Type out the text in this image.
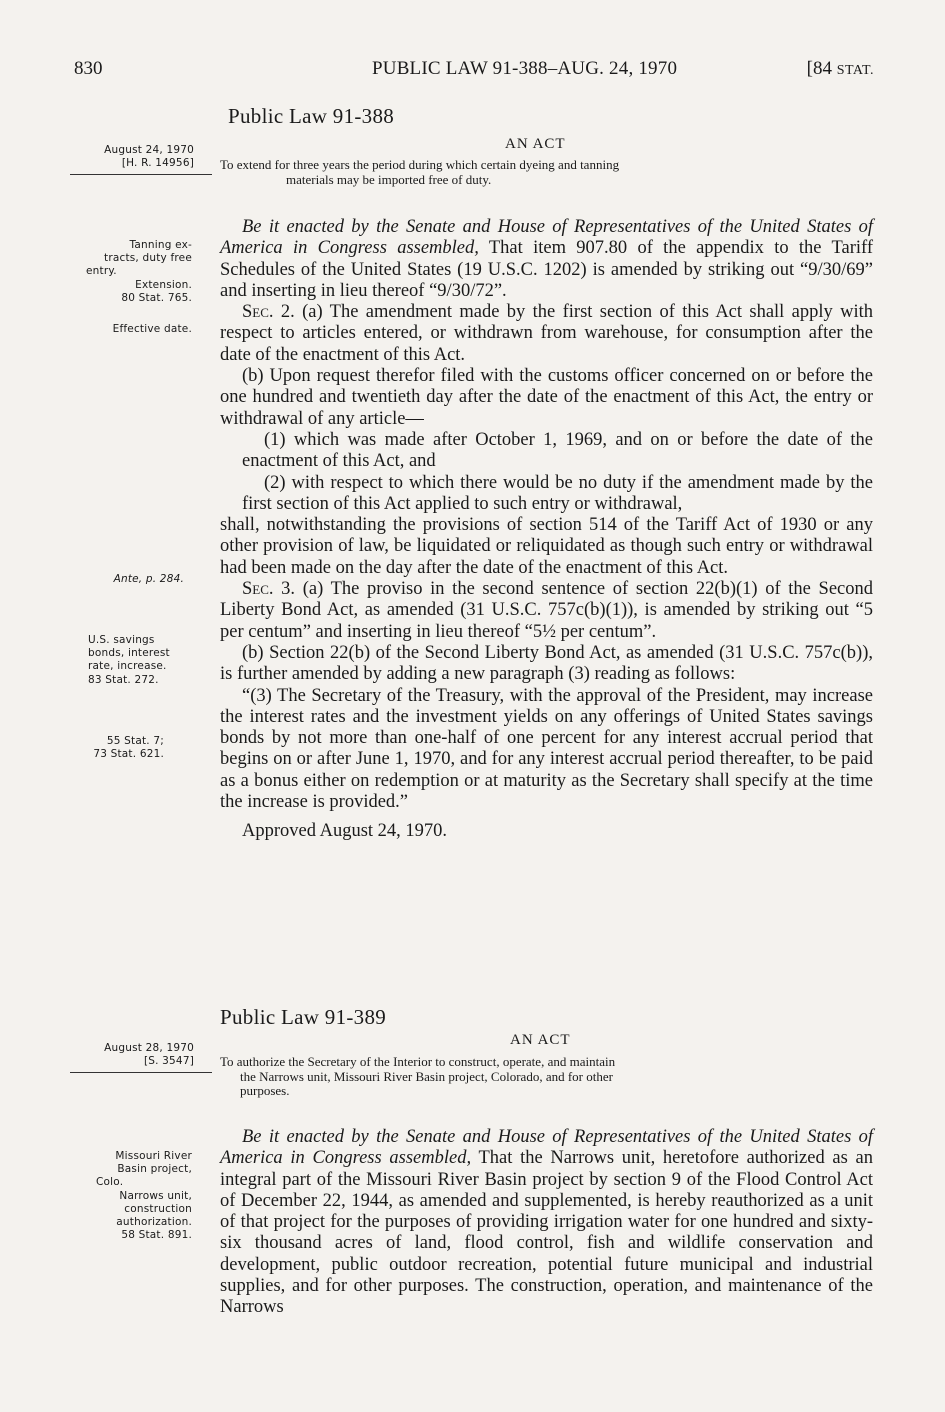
830	PUBLIC LAW 91-388–AUG. 24, 1970	[84 STAT.
Public Law 91-388
AN ACT
August 24, 1970
[H. R. 14956] To extend for three years the period during which certain dyeing and tanning
materials may be imported free of duty.
Tanning ex-
tracts, duty free
entry.
Extension.
80 Stat. 765.
Effective date.
Ante, p. 284.
U.S. savings
bonds, interest
rate, increase.
83 Stat. 272.
55 Stat. 7;
73 Stat. 621.

Be it enacted by the Senate and House of Representatives of the United States of America in Congress assembled, That item 907.80 of the appendix to the Tariff Schedules of the United States (19 U.S.C. 1202) is amended by striking out “9/30/69” and inserting in lieu thereof “9/30/72”.

Sec. 2. (a) The amendment made by the first section of this Act shall apply with respect to articles entered, or withdrawn from warehouse, for consumption after the date of the enactment of this Act.

(b) Upon request therefor filed with the customs officer concerned on or before the one hundred and twentieth day after the date of the enactment of this Act, the entry or withdrawal of any article—

(1) which was made after October 1, 1969, and on or before the date of the enactment of this Act, and

(2) with respect to which there would be no duty if the amendment made by the first section of this Act applied to such entry or withdrawal,

shall, notwithstanding the provisions of section 514 of the Tariff Act of 1930 or any other provision of law, be liquidated or reliquidated as though such entry or withdrawal had been made on the day after the date of the enactment of this Act.

Sec. 3. (a) The proviso in the second sentence of section 22(b)(1) of the Second Liberty Bond Act, as amended (31 U.S.C. 757c(b)(1)), is amended by striking out “5 per centum” and inserting in lieu thereof “5½ per centum”.

(b) Section 22(b) of the Second Liberty Bond Act, as amended (31 U.S.C. 757c(b)), is further amended by adding a new paragraph (3) reading as follows:

“(3) The Secretary of the Treasury, with the approval of the President, may increase the interest rates and the investment yields on any offerings of United States savings bonds by not more than one-half of one percent for any interest accrual period that begins on or after June 1, 1970, and for any interest accrual period thereafter, to be paid as a bonus either on redemption or at maturity as the Secretary shall specify at the time the increase is provided.”

Approved August 24, 1970.

Public Law 91-389
AN ACT
August 28, 1970
[S. 3547] To authorize the Secretary of the Interior to construct, operate, and maintain
the Narrows unit, Missouri River Basin project, Colorado, and for other
purposes.
Missouri River
Basin project,
Colo.
Narrows unit,
construction
authorization.
58 Stat. 891.

Be it enacted by the Senate and House of Representatives of the United States of America in Congress assembled, That the Narrows unit, heretofore authorized as an integral part of the Missouri River Basin project by section 9 of the Flood Control Act of December 22, 1944, as amended and supplemented, is hereby reauthorized as a unit of that project for the purposes of providing irrigation water for one hundred and sixty-six thousand acres of land, flood control, fish and wildlife conservation and development, public outdoor recreation, potential future municipal and industrial supplies, and for other purposes. The construction, operation, and maintenance of the Narrows
